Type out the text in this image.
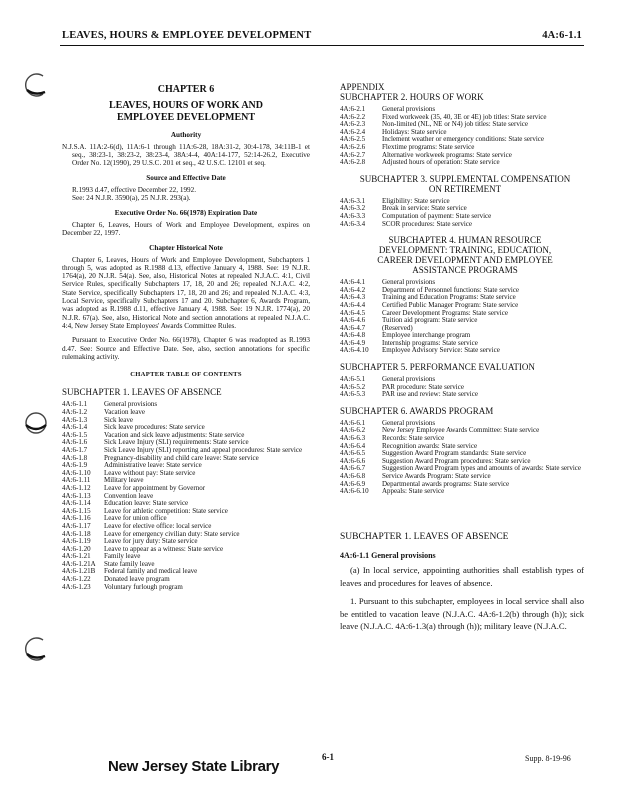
LEAVES, HOURS & EMPLOYEE DEVELOPMENT	4A:6-1.1
CHAPTER 6
LEAVES, HOURS OF WORK AND
EMPLOYEE DEVELOPMENT
Authority

N.J.S.A. 11A:2-6(d), 11A:6-1 through 11A:6-28, 18A:31-2, 30:4-178, 34:11B-1 et seq., 38:23-1, 38:23-2, 38:23-4, 38A:4-4, 40A:14-177, 52:14-26.2, Executive Order No. 12(1990), 29 U.S.C. 201 et seq., 42 U.S.C. 12101 et seq.

Source and Effective Date

R.1993 d.47, effective December 22, 1992.

See: 24 N.J.R. 3590(a), 25 N.J.R. 293(a).

Executive Order No. 66(1978) Expiration Date

Chapter 6, Leaves, Hours of Work and Employee Development, expires on December 22, 1997.

Chapter Historical Note

Chapter 6, Leaves, Hours of Work and Employee Development, Subchapters 1 through 5, was adopted as R.1988 d.13, effective January 4, 1988. See: 19 N.J.R. 1764(a), 20 N.J.R. 54(a). See, also, Historical Notes at repealed N.J.A.C. 4:1, Civil Service Rules, specifically Subchapters 17, 18, 20 and 26; repealed N.J.A.C. 4:2, State Service, specifically Subchapters 17, 18, 20 and 26; and repealed N.J.A.C. 4:3, Local Service, specifically Subchapters 17 and 20. Subchapter 6, Awards Program, was adopted as R.1988 d.11, effective January 4, 1988. See: 19 N.J.R. 1774(a), 20 N.J.R. 67(a). See, also, Historical Note and section annotations at repealed N.J.A.C. 4:4, New Jersey State Employees' Awards Committee Rules.

Pursuant to Executive Order No. 66(1978), Chapter 6 was readopted as R.1993 d.47. See: Source and Effective Date. See, also, section annotations for specific rulemaking activity.

CHAPTER TABLE OF CONTENTS
SUBCHAPTER 1. LEAVES OF ABSENCE
4A:6-1.1	General provisions
4A:6-1.2	Vacation leave
4A:6-1.3	Sick leave
4A:6-1.4	Sick leave procedures: State service
4A:6-1.5	Vacation and sick leave adjustments: State service
4A:6-1.6	Sick Leave Injury (SLI) requirements: State service
4A:6-1.7	Sick Leave Injury (SLI) reporting and appeal procedures: State service
4A:6-1.8	Pregnancy-disability and child care leave: State service
4A:6-1.9	Administrative leave: State service
4A:6-1.10	Leave without pay: State service
4A:6-1.11	Military leave
4A:6-1.12	Leave for appointment by Governor
4A:6-1.13	Convention leave
4A:6-1.14	Education leave: State service
4A:6-1.15	Leave for athletic competition: State service
4A:6-1.16	Leave for union office
4A:6-1.17	Leave for elective office: local service
4A:6-1.18	Leave for emergency civilian duty: State service
4A:6-1.19	Leave for jury duty: State service
4A:6-1.20	Leave to appear as a witness: State service
4A:6-1.21	Family leave
4A:6-1.21A	State family leave
4A:6-1.21B	Federal family and medical leave
4A:6-1.22	Donated leave program
4A:6-1.23	Voluntary furlough program
APPENDIX
SUBCHAPTER 2. HOURS OF WORK
4A:6-2.1	General provisions
4A:6-2.2	Fixed workweek (35, 40, 3E or 4E) job titles: State service
4A:6-2.3	Non-limited (NL, NE or N4) job titles: State service
4A:6-2.4	Holidays: State service
4A:6-2.5	Inclement weather or emergency conditions: State service
4A:6-2.6	Flextime programs: State service
4A:6-2.7	Alternative workweek programs: State service
4A:6-2.8	Adjusted hours of operation: State service
SUBCHAPTER 3. SUPPLEMENTAL COMPENSATION
ON RETIREMENT
4A:6-3.1	Eligibility: State service
4A:6-3.2	Break in service: State service
4A:6-3.3	Computation of payment: State service
4A:6-3.4	SCOR procedures: State service
SUBCHAPTER 4. HUMAN RESOURCE
DEVELOPMENT: TRAINING, EDUCATION,
CAREER DEVELOPMENT AND EMPLOYEE
ASSISTANCE PROGRAMS
4A:6-4.1	General provisions
4A:6-4.2	Department of Personnel functions: State service
4A:6-4.3	Training and Education Programs: State service
4A:6-4.4	Certified Public Manager Program: State service
4A:6-4.5	Career Development Programs: State service
4A:6-4.6	Tuition aid program: State service
4A:6-4.7	(Reserved)
4A:6-4.8	Employee interchange program
4A:6-4.9	Internship programs: State service
4A:6-4.10	Employee Advisory Service: State service
SUBCHAPTER 5. PERFORMANCE EVALUATION
4A:6-5.1	General provisions
4A:6-5.2	PAR procedure: State service
4A:6-5.3	PAR use and review: State service
SUBCHAPTER 6. AWARDS PROGRAM
4A:6-6.1	General provisions
4A:6-6.2	New Jersey Employee Awards Committee: State service
4A:6-6.3	Records: State service
4A:6-6.4	Recognition awards: State service
4A:6-6.5	Suggestion Award Program standards: State service
4A:6-6.6	Suggestion Award Program procedures: State service
4A:6-6.7	Suggestion Award Program types and amounts of awards: State service
4A:6-6.8	Service Awards Program: State service
4A:6-6.9	Departmental awards programs: State service
4A:6-6.10	Appeals: State service
SUBCHAPTER 1. LEAVES OF ABSENCE
4A:6-1.1 General provisions

(a) In local service, appointing authorities shall establish types of leaves and procedures for leaves of absence.

1. Pursuant to this subchapter, employees in local service shall also be entitled to vacation leave (N.J.A.C. 4A:6-1.2(b) through (h)); sick leave (N.J.A.C. 4A:6-1.3(a) through (h)); military leave (N.J.A.C.

New Jersey State Library
6-1	Supp. 8-19-96
